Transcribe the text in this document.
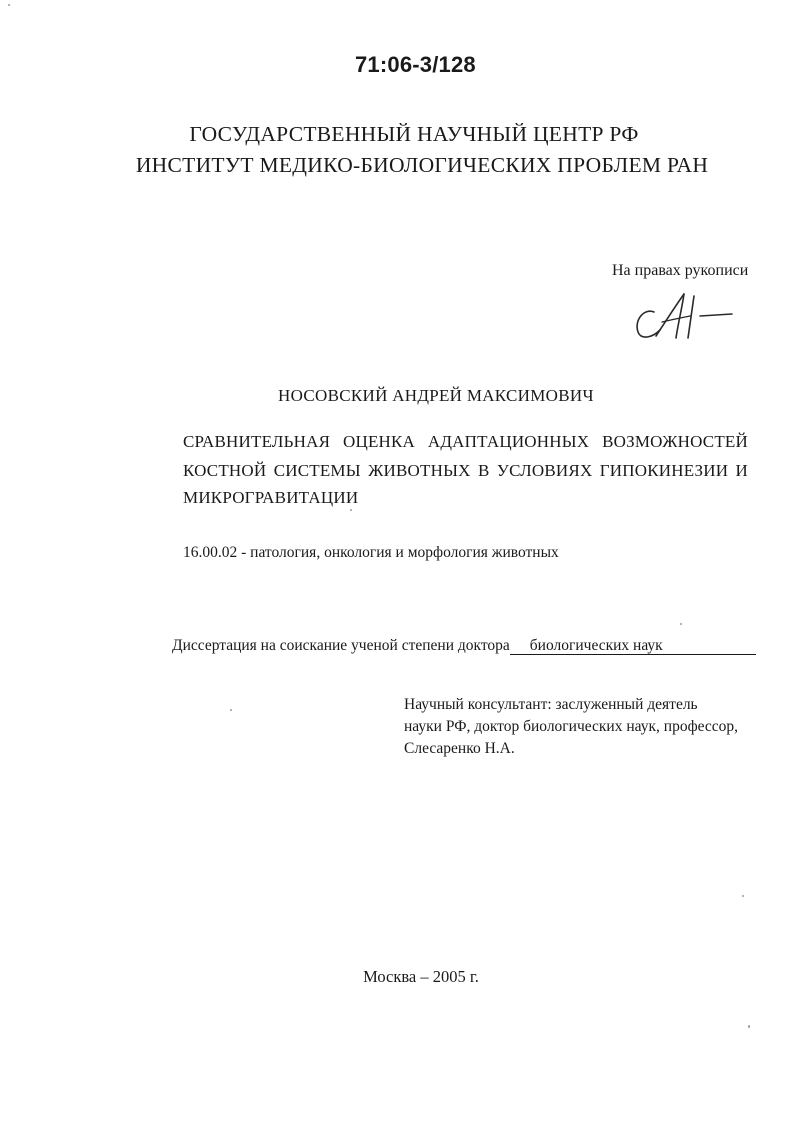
71:06-3/128
ГОСУДАРСТВЕННЫЙ НАУЧНЫЙ ЦЕНТР РФ
ИНСТИТУТ МЕДИКО-БИОЛОГИЧЕСКИХ ПРОБЛЕМ РАН
На правах рукописи
НОСОВСКИЙ АНДРЕЙ МАКСИМОВИЧ
СРАВНИТЕЛЬНАЯ ОЦЕНКА АДАПТАЦИОННЫХ ВОЗМОЖНОСТЕЙ
КОСТНОЙ СИСТЕМЫ ЖИВОТНЫХ В УСЛОВИЯХ ГИПОКИНЕЗИИ И
МИКРОГРАВИТАЦИИ
16.00.02 - патология, онкология и морфология животных
Диссертация на соискание ученой степени доктора биологических наук
Научный консультант: заслуженный деятель
науки РФ, доктор биологических наук, профессор,
Слесаренко Н.А.
Москва – 2005 г.
